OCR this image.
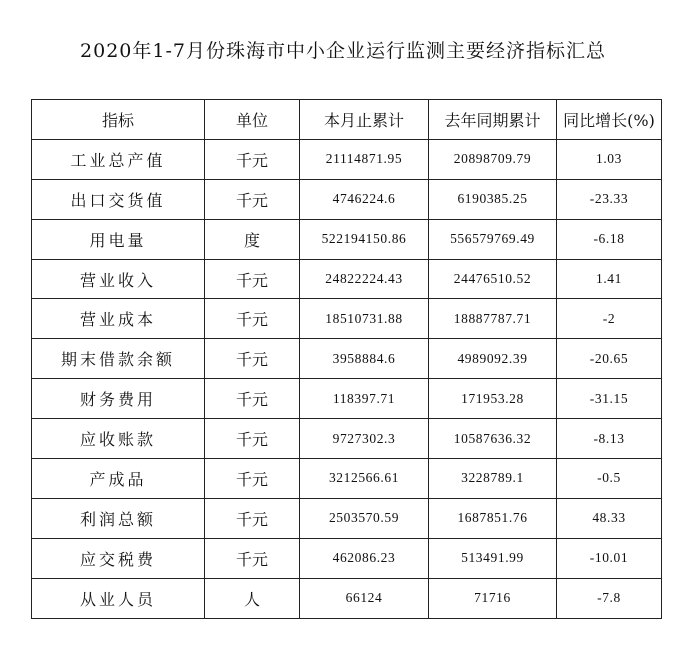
2020年1-7月份珠海市中小企业运行监测主要经济指标汇总
指标	单位	本月止累计	去年同期累计	同比增长(%)
工业总产值	千元	21114871.95	20898709.79	1.03
出口交货值	千元	4746224.6	6190385.25	-23.33
用电量	度	522194150.86	556579769.49	-6.18
营业收入	千元	24822224.43	24476510.52	1.41
营业成本	千元	18510731.88	18887787.71	-2
期末借款余额	千元	3958884.6	4989092.39	-20.65
财务费用	千元	118397.71	171953.28	-31.15
应收账款	千元	9727302.3	10587636.32	-8.13
产成品	千元	3212566.61	3228789.1	-0.5
利润总额	千元	2503570.59	1687851.76	48.33
应交税费	千元	462086.23	513491.99	-10.01
从业人员	人	66124	71716	-7.8
